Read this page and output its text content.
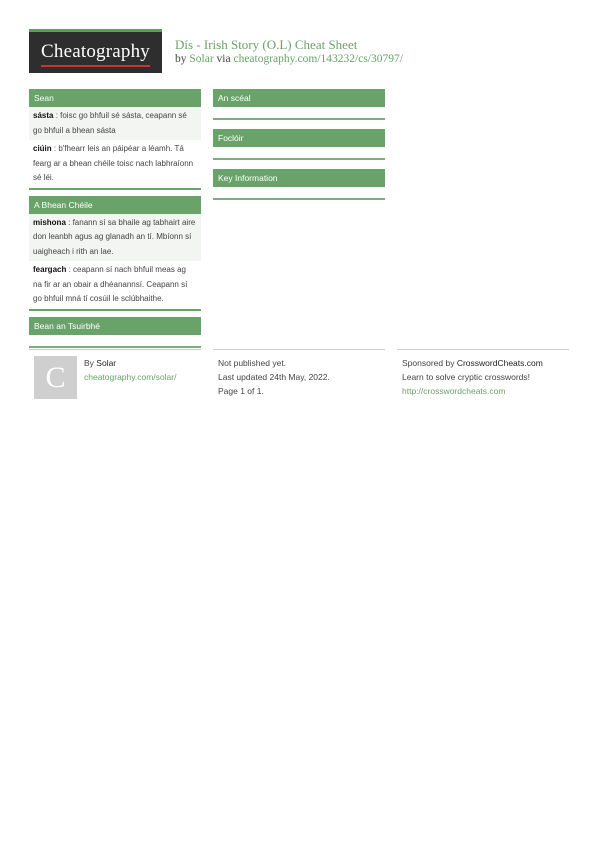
Cheatography	Dís - Irish Story (O.L) Cheat Sheet
by Solar via cheatography.com/143232/cs/30797/
Sean
sásta : foisc go bhfuil sé sásta, ceapann sé go bhfuil a bhean sásta
ciúin : b'fhearr leis an páipéar a léamh. Tá fearg ar a bhean chéile toisc nach labhraíonn sé léi.
A Bhean Chéile
mishona : fanann sí sa bhaile ag tabhairt aire don leanbh agus ag glanadh an tí. Mbíonn sí uaigheach i rith an lae.
feargach : ceapann sí nach bhfuil meas ag na fir ar an obair a dhéanannsí. Ceapann sí go bhfuil mná tí cosúil le sclúbhaithe.
Bean an Tsuirbhé
An scéal
Foclóir
Key Information
C	By Solar
cheatography.com/solar/
Not published yet.
Last updated 24th May, 2022.
Page 1 of 1.
Sponsored by CrosswordCheats.com
Learn to solve cryptic crosswords!
http://crosswordcheats.com
